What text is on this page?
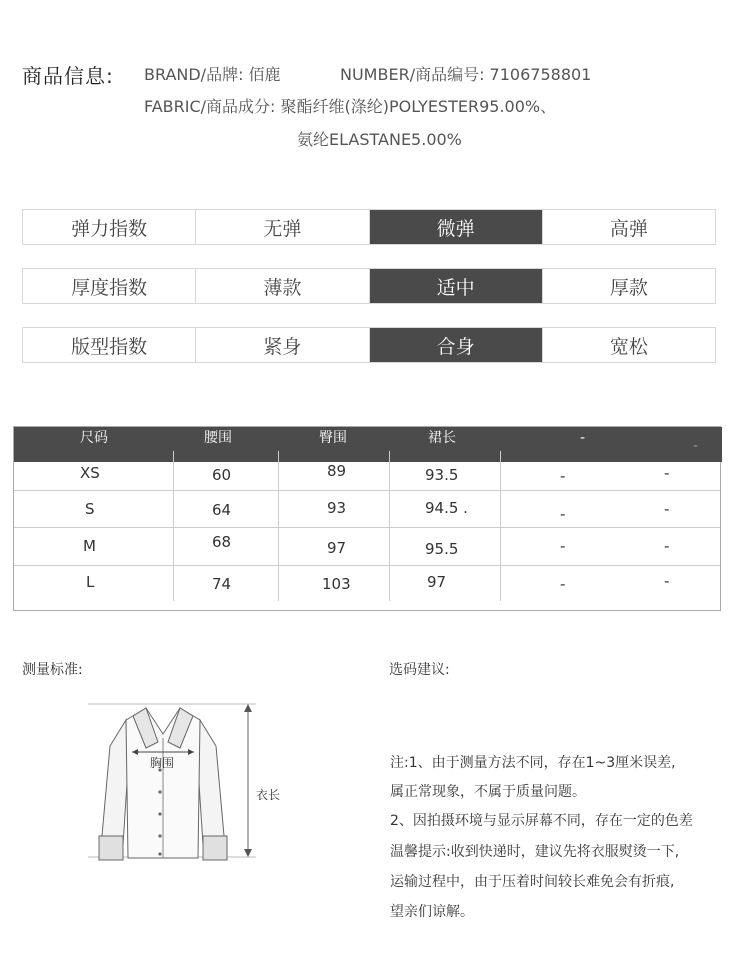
商品信息: BRAND/品牌: 佰鹿	NUMBER/商品编号: 7106758801
FABRIC/商品成分: 聚酯纤维(涤纶)POLYESTER95.00%、
氨纶ELASTANE5.00%
弹力指数	无弹	微弹	高弹
厚度指数	薄款	适中	厚款
版型指数	紧身	合身	宽松
尺码	腰围	臀围	裙长	-	-
XS	60	89	93.5	-	-
S	64	93	94.5 .	-	-
M	68	97	95.5	-	-
L	74	103	97	-	-
测量标准:	选码建议:
胸围
衣长
注:1、由于测量方法不同，存在1~3厘米误差,
属正常现象，不属于质量问题。
2、因拍摄环境与显示屏幕不同，存在一定的色差
温馨提示:收到快递时，建议先将衣服熨烫一下,
运输过程中，由于压着时间较长难免会有折痕,
望亲们谅解。
